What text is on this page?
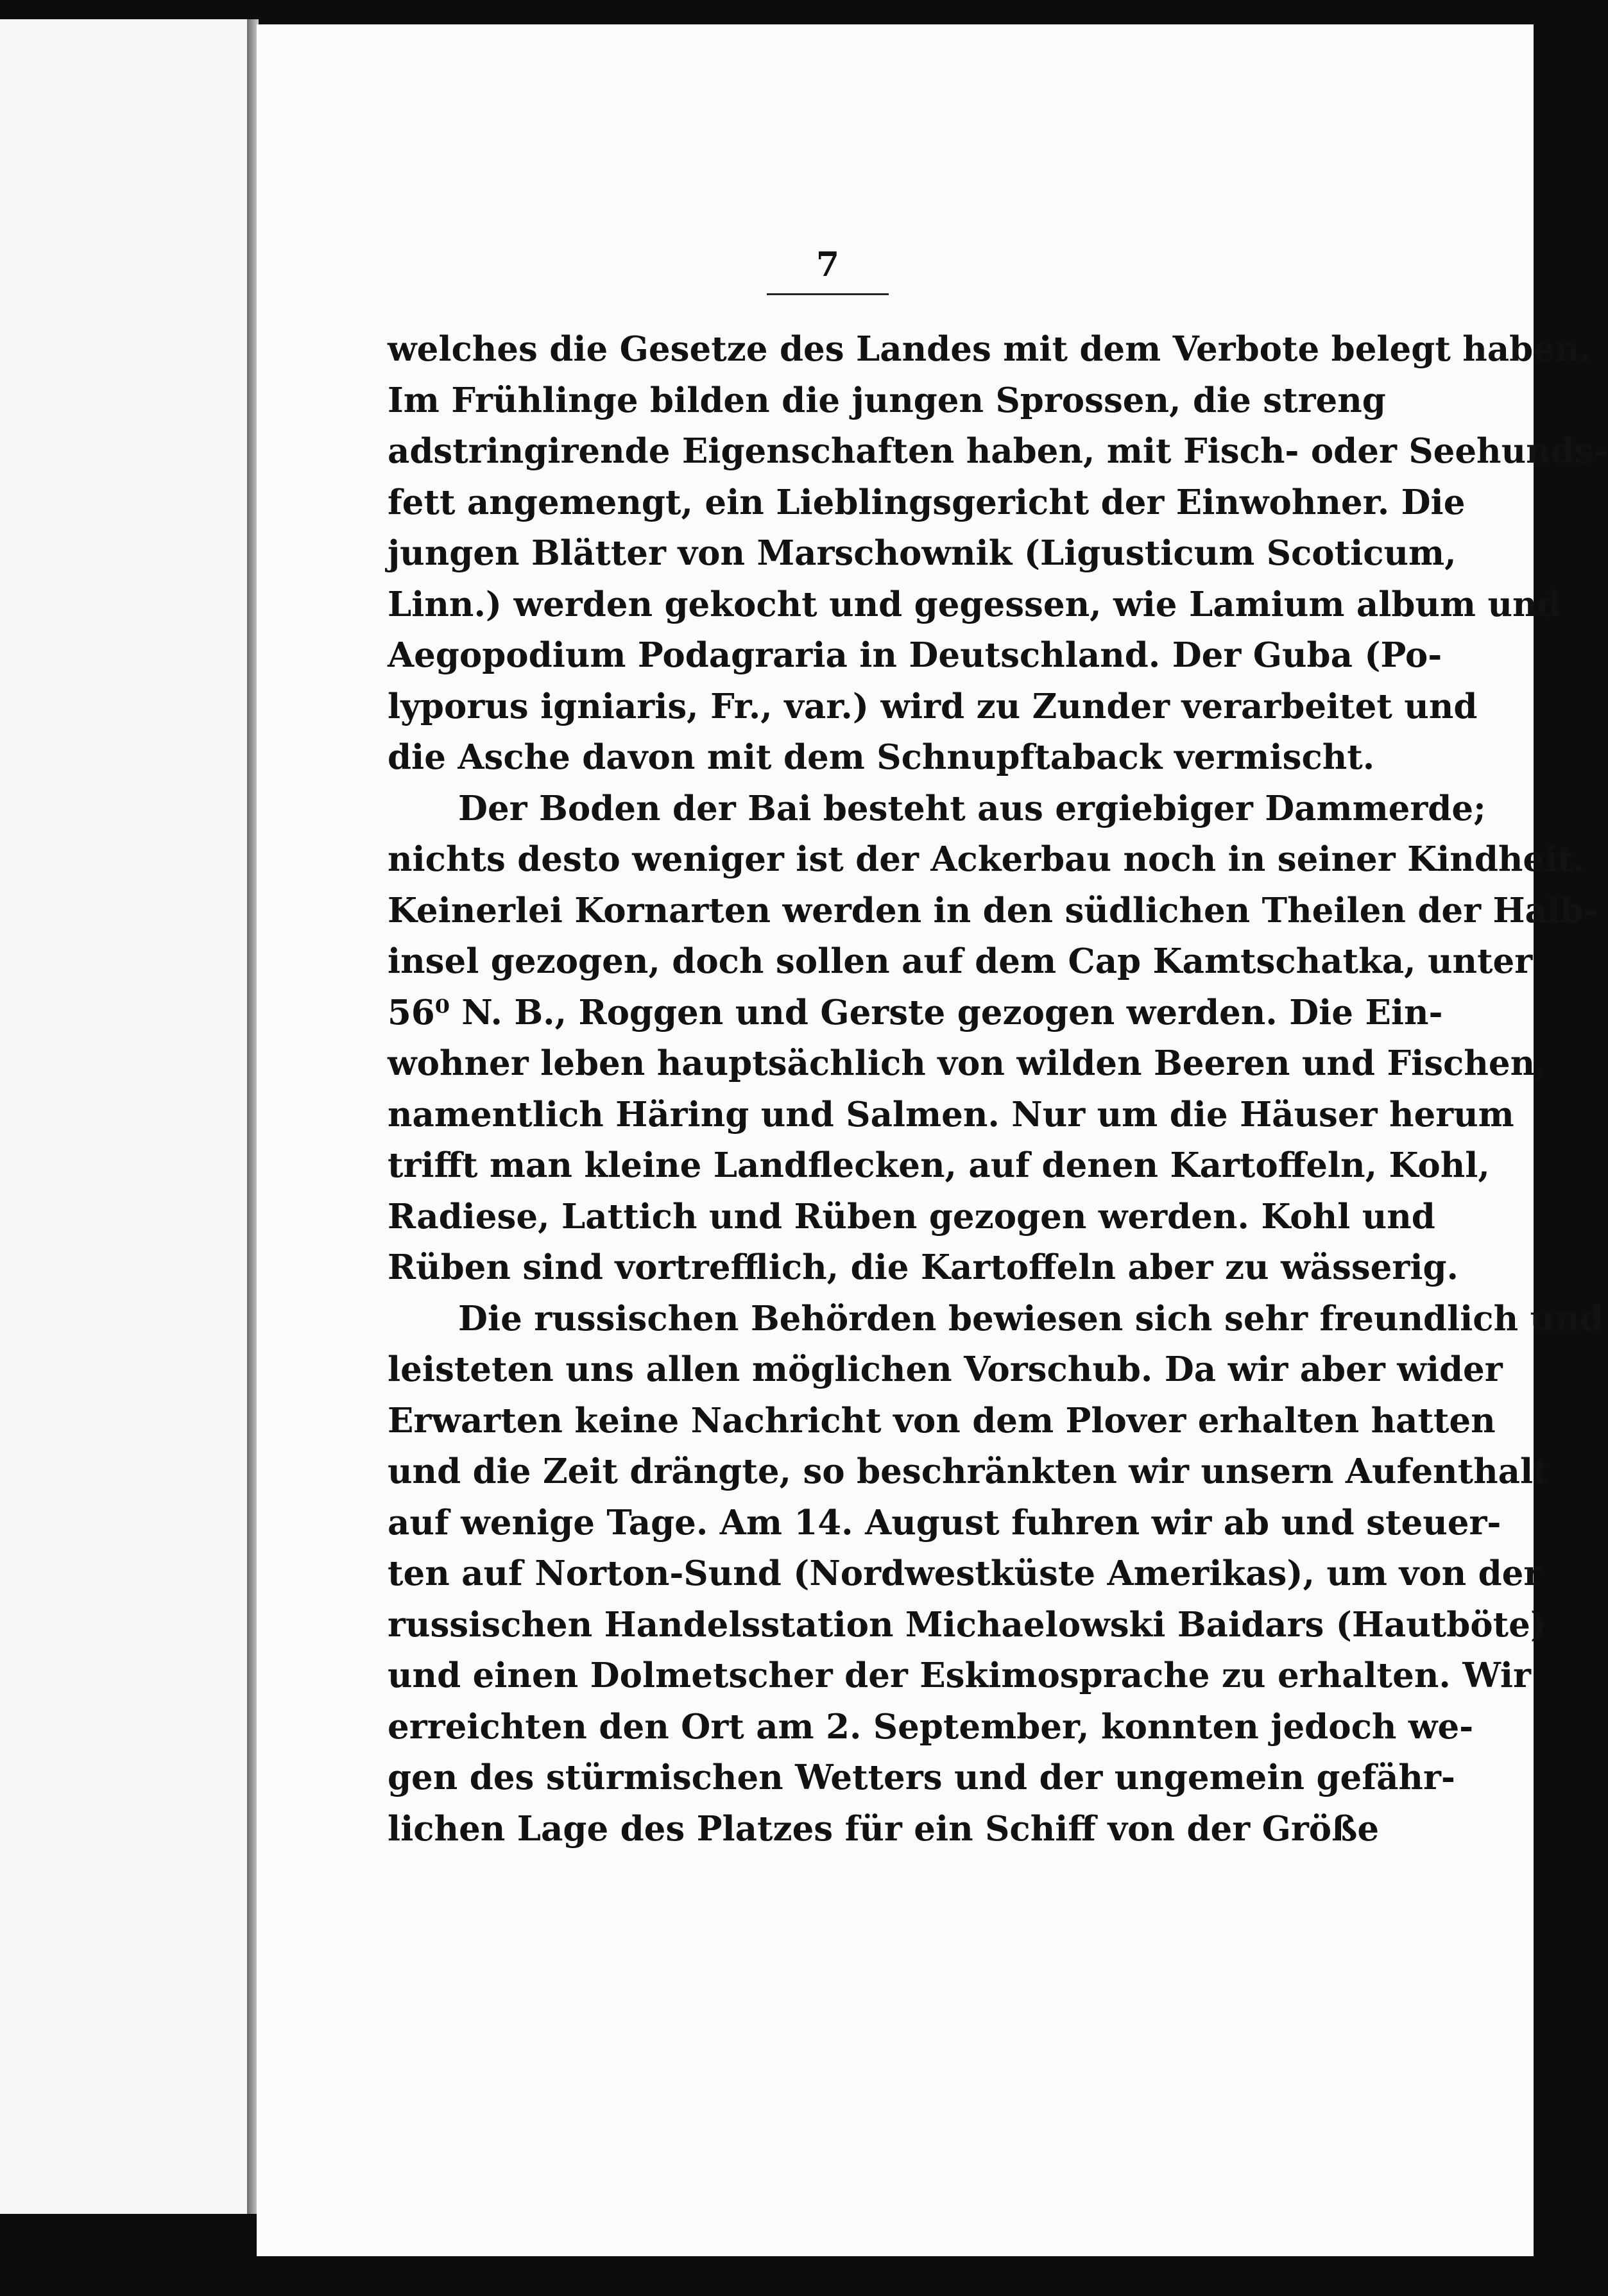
7
welches die Gesetze des Landes mit dem Verbote belegt haben.
Im Frühlinge bilden die jungen Sprossen, die streng
adstringirende Eigenschaften haben, mit Fisch- oder Seehunds-
fett angemengt, ein Lieblingsgericht der Einwohner. Die
jungen Blätter von Marschownik (Ligusticum Scoticum,
Linn.) werden gekocht und gegessen, wie Lamium album und
Aegopodium Podagraria in Deutschland. Der Guba (Po-
lyporus igniaris, Fr., var.) wird zu Zunder verarbeitet und
die Asche davon mit dem Schnupftaback vermischt.
Der Boden der Bai besteht aus ergiebiger Dammerde;
nichts desto weniger ist der Ackerbau noch in seiner Kindheit.
Keinerlei Kornarten werden in den südlichen Theilen der Halb-
insel gezogen, doch sollen auf dem Cap Kamtschatka, unter
56⁰ N. B., Roggen und Gerste gezogen werden. Die Ein-
wohner leben hauptsächlich von wilden Beeren und Fischen,
namentlich Häring und Salmen. Nur um die Häuser herum
trifft man kleine Landflecken, auf denen Kartoffeln, Kohl,
Radiese, Lattich und Rüben gezogen werden. Kohl und
Rüben sind vortrefflich, die Kartoffeln aber zu wässerig.
Die russischen Behörden bewiesen sich sehr freundlich und
leisteten uns allen möglichen Vorschub. Da wir aber wider
Erwarten keine Nachricht von dem Plover erhalten hatten
und die Zeit drängte, so beschränkten wir unsern Aufenthalt
auf wenige Tage. Am 14. August fuhren wir ab und steuer-
ten auf Norton-Sund (Nordwestküste Amerikas), um von der
russischen Handelsstation Michaelowski Baidars (Hautböte)
und einen Dolmetscher der Eskimosprache zu erhalten. Wir
erreichten den Ort am 2. September, konnten jedoch we-
gen des stürmischen Wetters und der ungemein gefähr-
lichen Lage des Platzes für ein Schiff von der Größe
